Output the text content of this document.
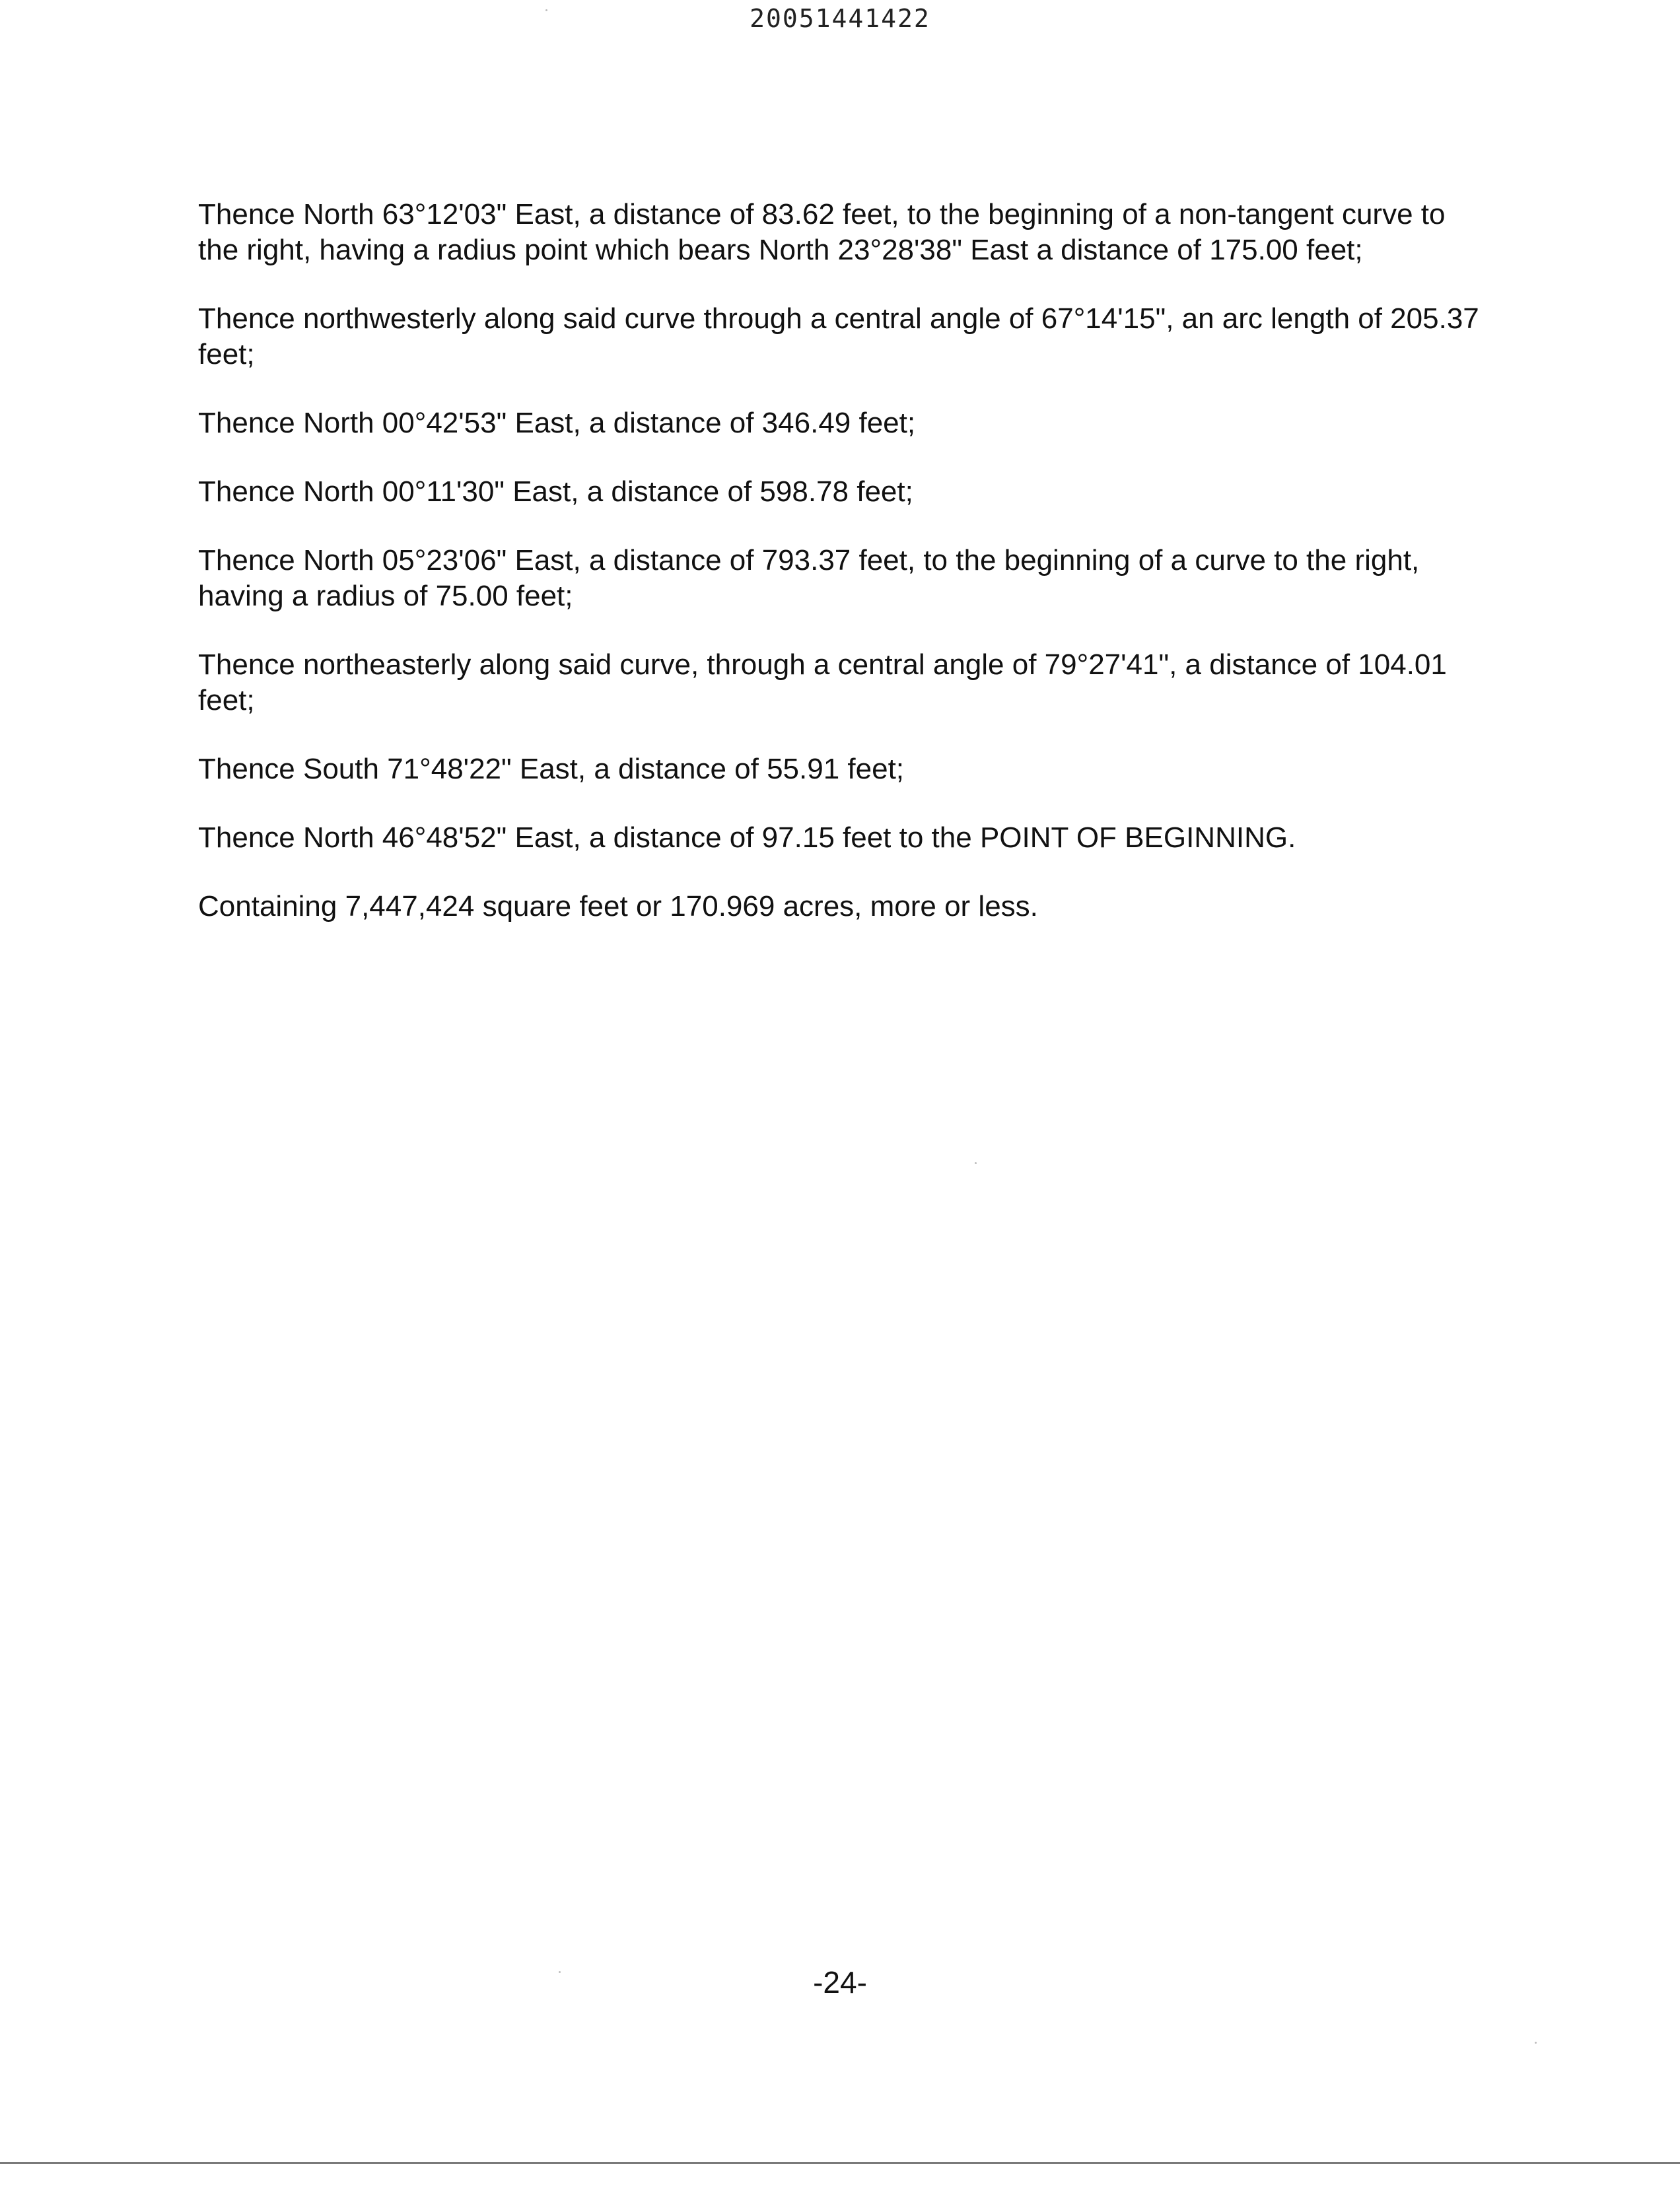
20051441422

Thence North 63°12'03" East, a distance of 83.62 feet, to the beginning of a non-tangent curve to
the right, having a radius point which bears North 23°28'38" East a distance of 175.00 feet;

Thence northwesterly along said curve through a central angle of 67°14'15", an arc length of 205.37
feet;

Thence North 00°42'53" East, a distance of 346.49 feet;

Thence North 00°11'30" East, a distance of 598.78 feet;

Thence North 05°23'06" East, a distance of 793.37 feet, to the beginning of a curve to the right,
having a radius of 75.00 feet;

Thence northeasterly along said curve, through a central angle of 79°27'41", a distance of 104.01
feet;

Thence South 71°48'22" East, a distance of 55.91 feet;

Thence North 46°48'52" East, a distance of 97.15 feet to the POINT OF BEGINNING.

Containing 7,447,424 square feet or 170.969 acres, more or less.

-24-
